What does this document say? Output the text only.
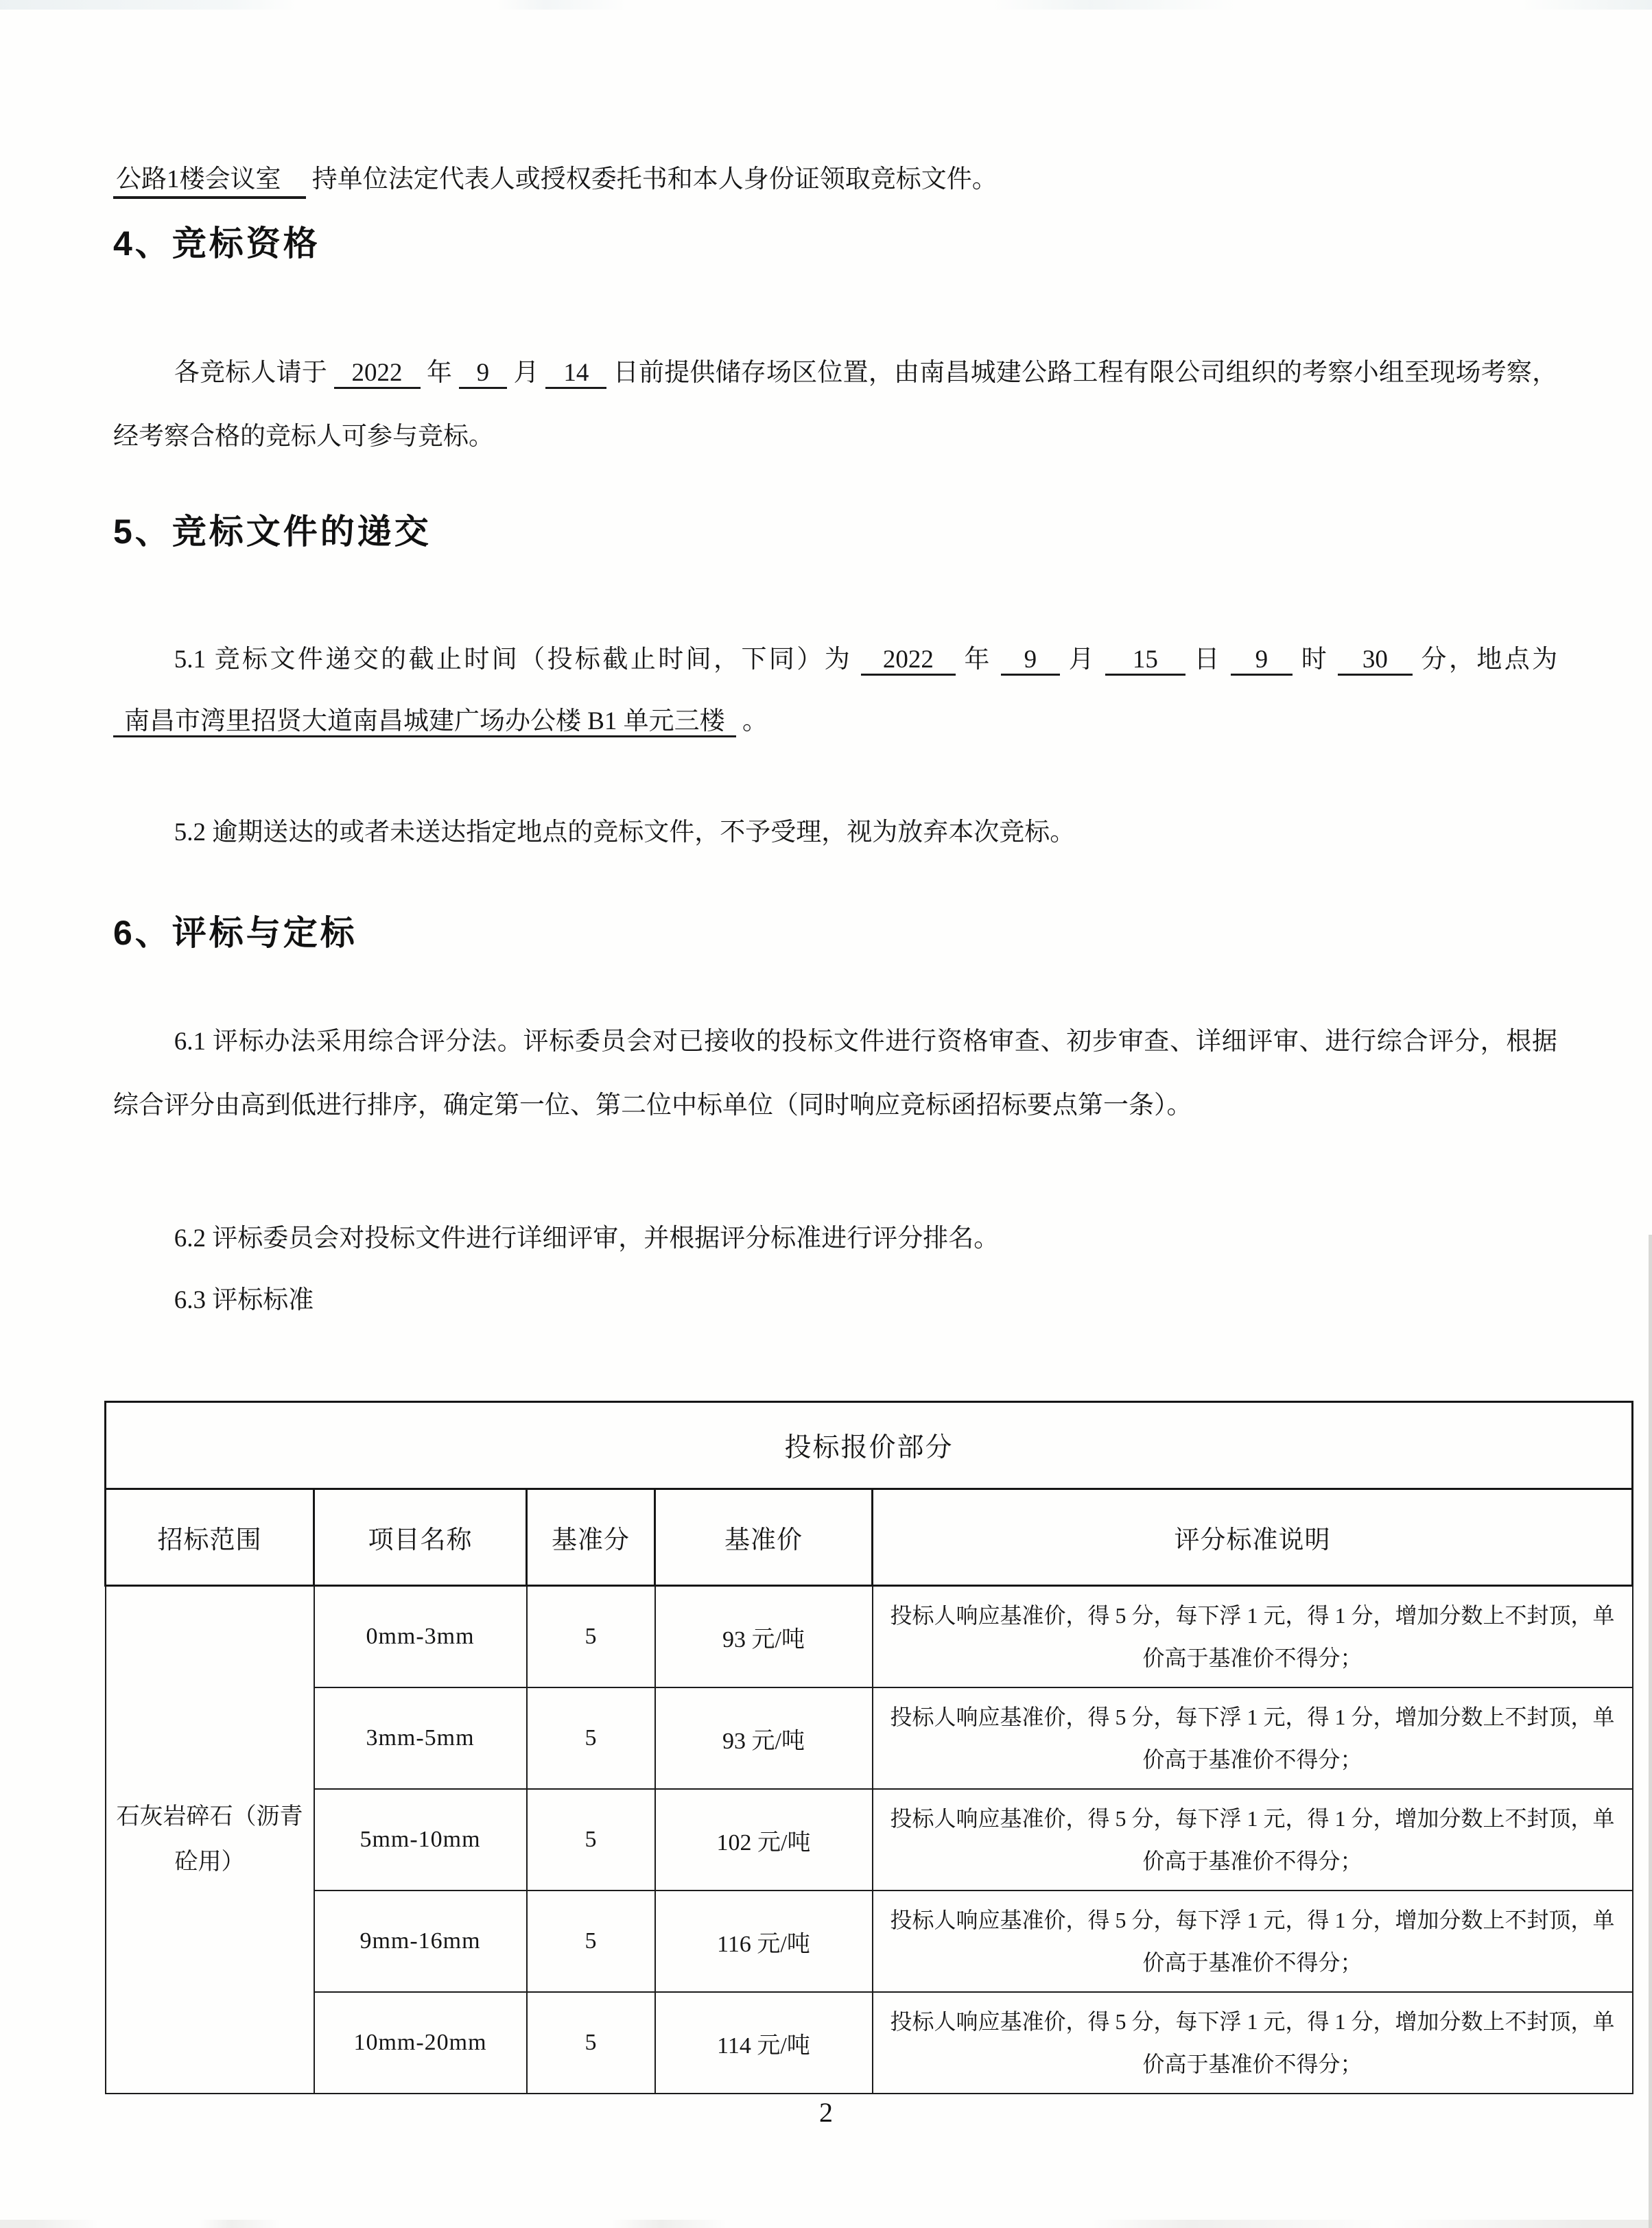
公路1楼会议室 持单位法定代表人或授权委托书和本人身份证领取竞标文件。

4、竞标资格

各竞标人请于 2022 年 9 月 14 日前提供储存场区位置，由南昌城建公路工程有限公司组织的考察小组至现场考察，经考察合格的竞标人可参与竞标。

5、竞标文件的递交

5.1 竞标文件递交的截止时间（投标截止时间，下同）为 2022 年 9 月 15 日 9 时 30 分，地点为 南昌市湾里招贤大道南昌城建广场办公楼 B1 单元三楼 。

5.2 逾期送达的或者未送达指定地点的竞标文件，不予受理，视为放弃本次竞标。

6、评标与定标

6.1 评标办法采用综合评分法。评标委员会对已接收的投标文件进行资格审查、初步审查、详细评审、进行综合评分，根据综合评分由高到低进行排序，确定第一位、第二位中标单位（同时响应竞标函招标要点第一条）。

6.2 评标委员会对投标文件进行详细评审，并根据评分标准进行评分排名。

6.3 评标标准

投标报价部分				
招标范围	项目名称	基准分	基准价	评分标准说明
石灰岩碎石（沥青砼用）	0mm-3mm	5	93 元/吨	投标人响应基准价，得 5 分，每下浮 1 元，得 1 分，增加分数上不封顶，单价高于基准价不得分；
	3mm-5mm	5	93 元/吨	投标人响应基准价，得 5 分，每下浮 1 元，得 1 分，增加分数上不封顶，单价高于基准价不得分；
	5mm-10mm	5	102 元/吨	投标人响应基准价，得 5 分，每下浮 1 元，得 1 分，增加分数上不封顶，单价高于基准价不得分；
	9mm-16mm	5	116 元/吨	投标人响应基准价，得 5 分，每下浮 1 元，得 1 分，增加分数上不封顶，单价高于基准价不得分；
	10mm-20mm	5	114 元/吨	投标人响应基准价，得 5 分，每下浮 1 元，得 1 分，增加分数上不封顶，单价高于基准价不得分；
2
